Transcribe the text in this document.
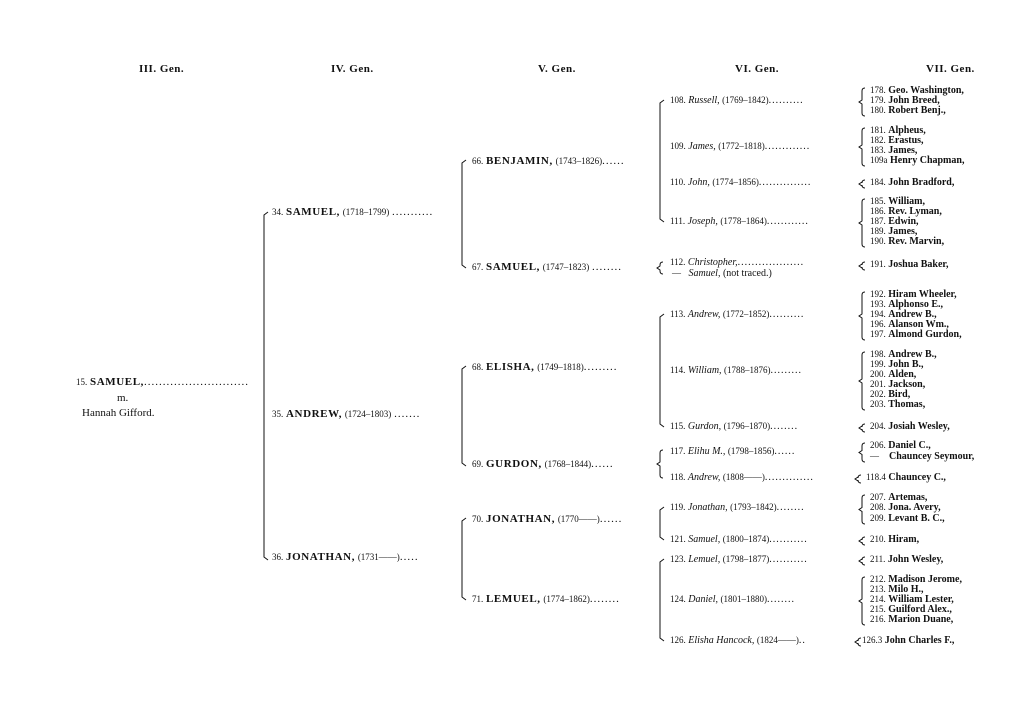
III. Gen.	IV. Gen.	V. Gen.	VI. Gen.	VII. Gen.
15. SAMUEL,............................
m.
Hannah Gifford.
34. SAMUEL, (1718–1799) ...........
35. ANDREW, (1724–1803) .......
36. JONATHAN, (1731——).....
66. BENJAMIN, (1743–1826)......
67. SAMUEL, (1747–1823) ........
68. ELISHA, (1749–1818).........
69. GURDON, (1768–1844)......
70. JONATHAN, (1770——)......
71. LEMUEL, (1774–1862)........
108. Russell, (1769–1842)..........
109. James, (1772–1818).............
110. John, (1774–1856)...............
111. Joseph, (1778–1864)............
112. Christopher,...................
— Samuel, (not traced.)
113. Andrew, (1772–1852)..........
114. William, (1788–1876).........
115. Gurdon, (1796–1870)........
117. Elihu M., (1798–1856)......
118. Andrew, (1808——)..............
119. Jonathan, (1793–1842)........
121. Samuel, (1800–1874)...........
123. Lemuel, (1798–1877)...........
124. Daniel, (1801–1880)........
126. Elisha Hancock, (1824——)..
178. Geo. Washington,
179. John Breed,
180. Robert Benj.,
181. Alpheus,
182. Erastus,
183. James,
109a Henry Chapman,
184. John Bradford,
185. William,
186. Rev. Lyman,
187. Edwin,
189. James,
190. Rev. Marvin,
191. Joshua Baker,
192. Hiram Wheeler,
193. Alphonso E.,
194. Andrew B.,
196. Alanson Wm.,
197. Almond Gurdon,
198. Andrew B.,
199. John B.,
200. Alden,
201. Jackson,
202. Bird,
203. Thomas,
204. Josiah Wesley,
206. Daniel C.,
— Chauncey Seymour,
118.4 Chauncey C.,
207. Artemas,
208. Jona. Avery,
209. Levant B. C.,
210. Hiram,
211. John Wesley,
212. Madison Jerome,
213. Milo H.,
214. William Lester,
215. Guilford Alex.,
216. Marion Duane,
126.3 John Charles F.,
